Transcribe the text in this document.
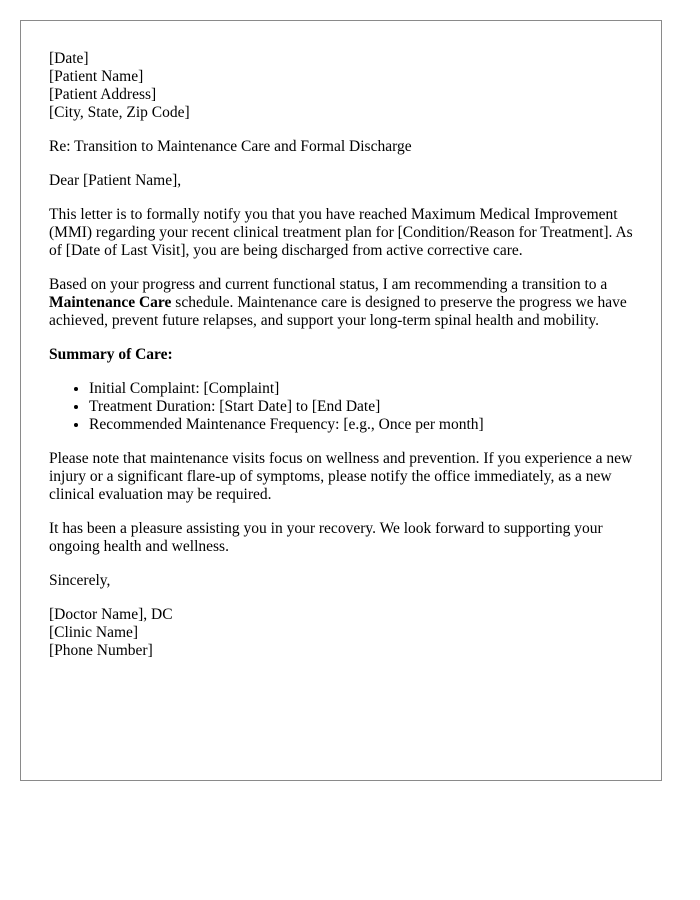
[Date]
[Patient Name]
[Patient Address]
[City, State, Zip Code]

Re: Transition to Maintenance Care and Formal Discharge

Dear [Patient Name],

This letter is to formally notify you that you have reached Maximum Medical Improvement (MMI) regarding your recent clinical treatment plan for [Condition/Reason for Treatment]. As of [Date of Last Visit], you are being discharged from active corrective care.

Based on your progress and current functional status, I am recommending a transition to a Maintenance Care schedule. Maintenance care is designed to preserve the progress we have achieved, prevent future relapses, and support your long-term spinal health and mobility.

Summary of Care:

• Initial Complaint: [Complaint]
• Treatment Duration: [Start Date] to [End Date]
• Recommended Maintenance Frequency: [e.g., Once per month]

Please note that maintenance visits focus on wellness and prevention. If you experience a new injury or a significant flare-up of symptoms, please notify the office immediately, as a new clinical evaluation may be required.

It has been a pleasure assisting you in your recovery. We look forward to supporting your ongoing health and wellness.

Sincerely,

[Doctor Name], DC
[Clinic Name]
[Phone Number]
